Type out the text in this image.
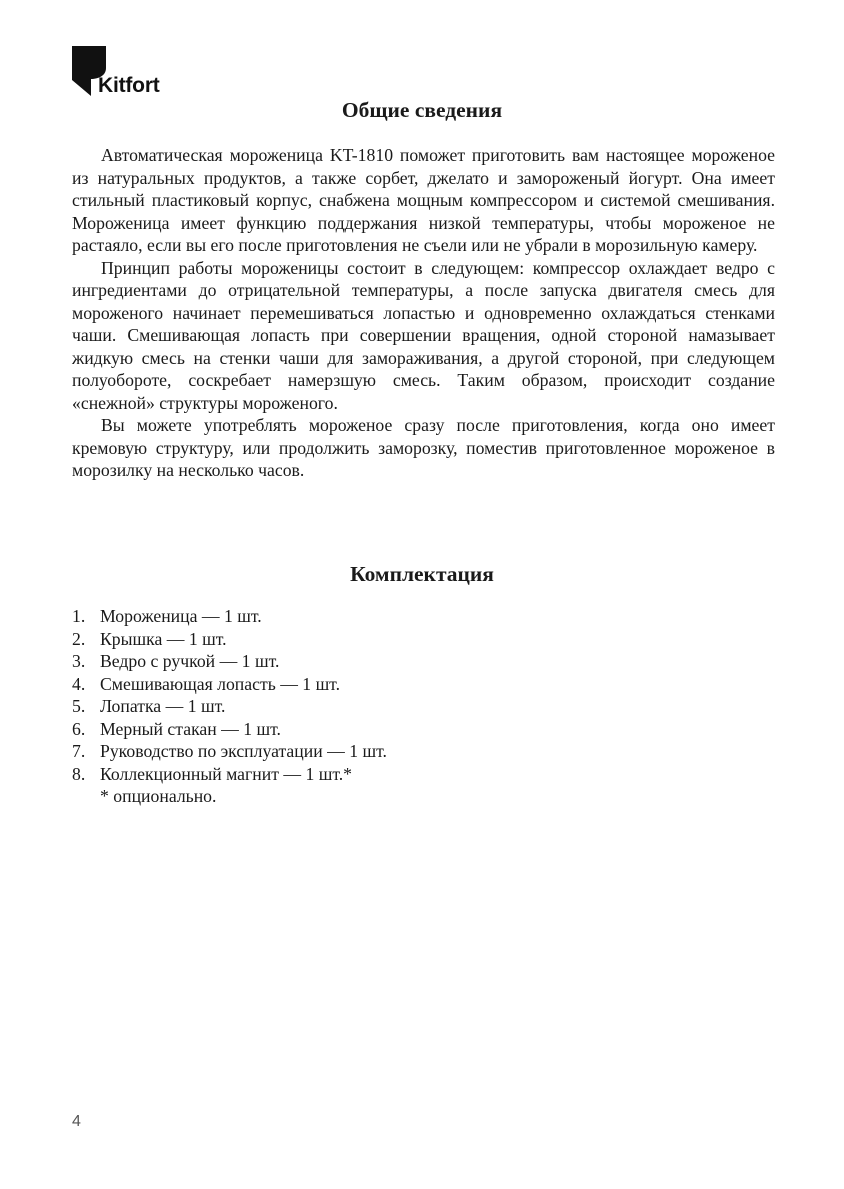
Kitfort
Общие сведения

Автоматическая мороженица KT-1810 поможет приготовить вам настоящее мороженое из натуральных продуктов, а также сорбет, джелато и замороженый йогурт. Она имеет стильный пластиковый корпус, снабжена мощным компрессором и системой смешивания. Мороженица имеет функцию поддержания низкой температуры, чтобы мороженое не растаяло, если вы его после приготовления не съели или не убрали в морозильную камеру.

Принцип работы мороженицы состоит в следующем: компрессор охлаждает ведро с ингредиентами до отрицательной температуры, а после запуска двигателя смесь для мороженого начинает перемешиваться лопастью и одновременно охлаждаться стенками чаши. Смешивающая лопасть при совершении вращения, одной стороной намазывает жидкую смесь на стенки чаши для замораживания, а другой стороной, при следующем полуобороте, соскребает намерзшую смесь. Таким образом, происходит создание «снежной» структуры мороженого.

Вы можете употреблять мороженое сразу после приготовления, когда оно имеет кремовую структуру, или продолжить заморозку, поместив приготовленное мороженое в морозилку на несколько часов.

Комплектация
1. Мороженица — 1 шт.
2. Крышка — 1 шт.
3. Ведро с ручкой — 1 шт.
4. Смешивающая лопасть — 1 шт.
5. Лопатка — 1 шт.
6. Мерный стакан — 1 шт.
7. Руководство по эксплуатации — 1 шт.
8. Коллекционный магнит — 1 шт.*
* опционально.
4
